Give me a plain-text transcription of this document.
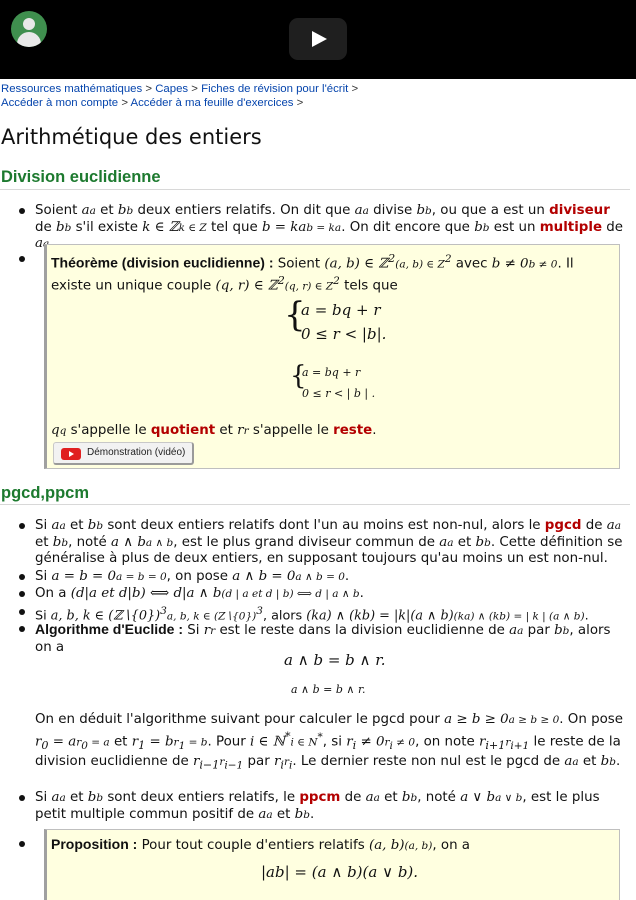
Ressources mathématiques > Capes > Fiches de révision pour l'écrit >
Accéder à mon compte > Accéder à ma feuille d'exercices >
Arithmétique des entiers
Division euclidienne
Soient aa et bb deux entiers relatifs. On dit que aa divise bb, ou que a est un diviseur de bb s'il existe k ∈ ℤk ∈ Z tel que b = kab = ka. On dit encore que bb est un multiple de a
Théorème (division euclidienne) : Soient (a, b) ∈ ℤ$^2$(a, b) ∈ $Z^2$ avec b ≠ 0b ≠ 0. Il existe un unique couple (q, r) ∈ ℤ$^2$(q, r) ∈ $Z^2$ tels que
{
a = bq + r
0 ≤ r < |b|.
{
a = bq + r
0 ≤ r < | b | .
qq s'appelle le quotient et rr s'appelle le reste.
Démonstration (vidéo)
pgcd,ppcm
Si aa et bb sont deux entiers relatifs dont l'un au moins est non-nul, alors le pgcd de aa et bb, noté a ∧ ba ∧ b, est le plus grand diviseur commun de aa et bb. Cette définition se généralise à plus de deux entiers, en supposant toujours qu'au moins un est non-nul.
Si a = b = 0a = b = 0, on pose a ∧ b = 0a ∧ b = 0.
On a (d|a et d|b) ⟺ d|a ∧ b(d | a et d | b) ⟺ d | a ∧ b.
Si a, b, k ∈ (ℤ∖{0})$^3$a, b, k ∈ (Z∖{0})$^3$, alors (ka) ∧ (kb) = |k|(a ∧ b)(ka) ∧ (kb) = | k | (a ∧ b).
Algorithme d'Euclide : Si rr est le reste dans la division euclidienne de aa par bb, alors on a
a ∧ b = b ∧ r.
a ∧ b = b ∧ r.
On en déduit l'algorithme suivant pour calculer le pgcd pour a ≥ b ≥ 0a ≥ b ≥ 0. On pose $r_0 = ar_0 = a$ et $r_1 = br_1 = b$. Pour i ∈ ℕ*i ∈ N*, si $r_i \ne 0r_i \ne 0$, on note $r_{i+1}r_{i+1}$ le reste de la division euclidienne de $r_{i-1}r_{i-1}$ par $r_ir_i$. Le dernier reste non nul est le pgcd de aa et bb.
Si aa et bb sont deux entiers relatifs, le ppcm de aa et bb, noté a ∨ ba ∨ b, est le plus petit multiple commun positif de aa et bb.
Proposition : Pour tout couple d'entiers relatifs (a, b)(a, b), on a
|ab| = (a ∧ b)(a ∨ b).
